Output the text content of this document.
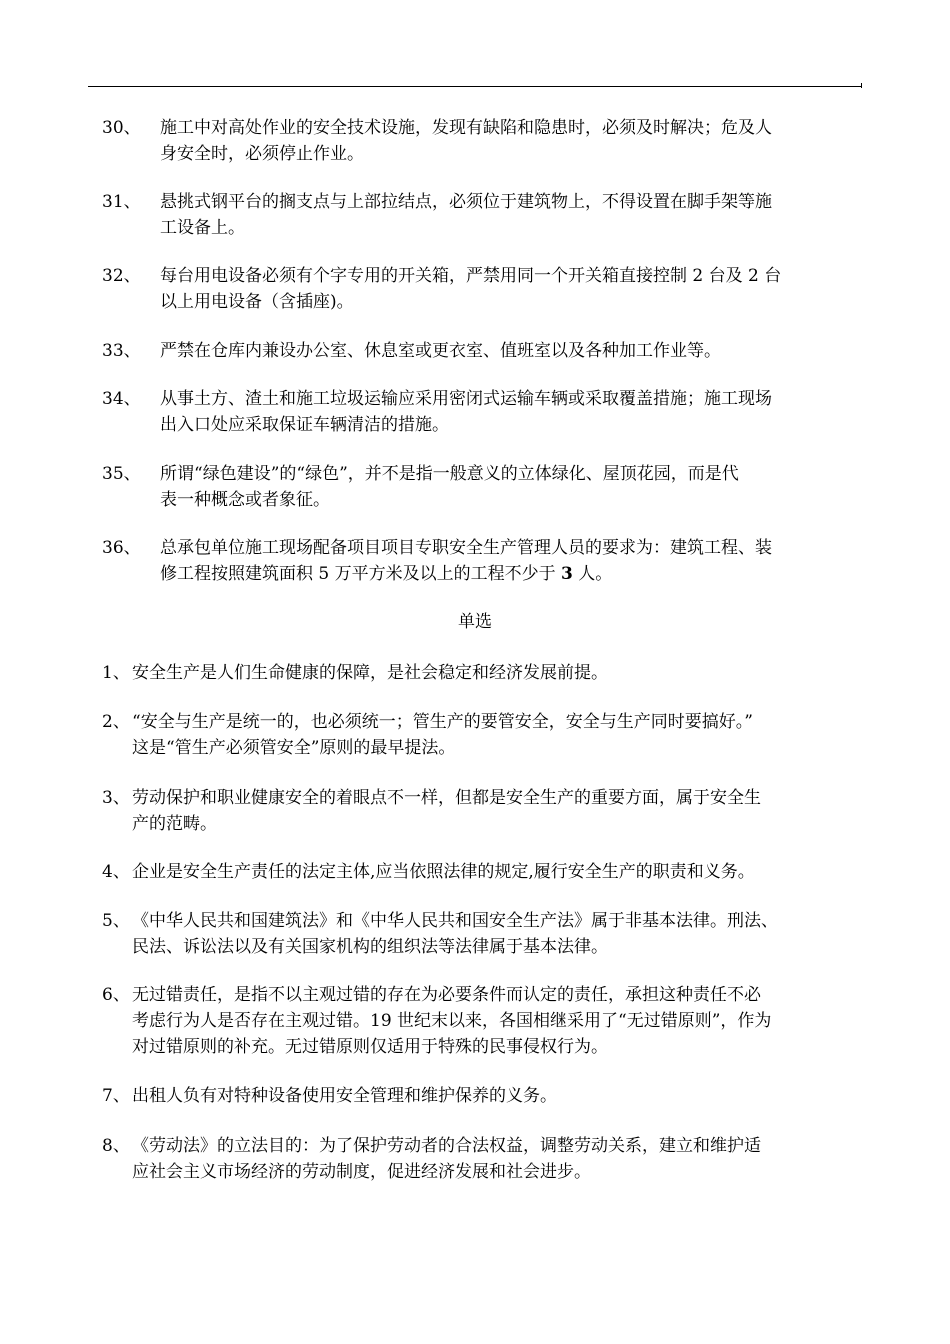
30、	施工中对高处作业的安全技术设施，发现有缺陷和隐患时，必须及时解决；危及人
身安全时，必须停止作业。
31、	悬挑式钢平台的搁支点与上部拉结点，必须位于建筑物上，不得设置在脚手架等施
工设备上。
32、	每台用电设备必须有个字专用的开关箱，严禁用同一个开关箱直接控制 2 台及 2 台
以上用电设备（含插座)。
33、	严禁在仓库内兼设办公室、休息室或更衣室、值班室以及各种加工作业等。
34、	从事土方、渣土和施工垃圾运输应采用密闭式运输车辆或采取覆盖措施；施工现场
出入口处应采取保证车辆清洁的措施。
35、	所谓“绿色建设”的“绿色”，并不是指一般意义的立体绿化、屋顶花园，而是代
表一种概念或者象征。
36、	总承包单位施工现场配备项目项目专职安全生产管理人员的要求为：建筑工程、装
修工程按照建筑面积 5 万平方米及以上的工程不少于 3 人。
单选
1、 安全生产是人们生命健康的保障，是社会稳定和经济发展前提。
2、 “安全与生产是统一的，也必须统一；管生产的要管安全，安全与生产同时要搞好。”
这是“管生产必须管安全”原则的最早提法。
3、 劳动保护和职业健康安全的着眼点不一样，但都是安全生产的重要方面，属于安全生
产的范畴。
4、 企业是安全生产责任的法定主体,应当依照法律的规定,履行安全生产的职责和义务。
5、 《中华人民共和国建筑法》和《中华人民共和国安全生产法》属于非基本法律。刑法、
民法、诉讼法以及有关国家机构的组织法等法律属于基本法律。
6、 无过错责任，是指不以主观过错的存在为必要条件而认定的责任，承担这种责任不必
考虑行为人是否存在主观过错。19 世纪末以来，各国相继采用了“无过错原则”，作为
对过错原则的补充。无过错原则仅适用于特殊的民事侵权行为。
7、 出租人负有对特种设备使用安全管理和维护保养的义务。
8、 《劳动法》的立法目的：为了保护劳动者的合法权益，调整劳动关系，建立和维护适
应社会主义市场经济的劳动制度，促进经济发展和社会进步。
